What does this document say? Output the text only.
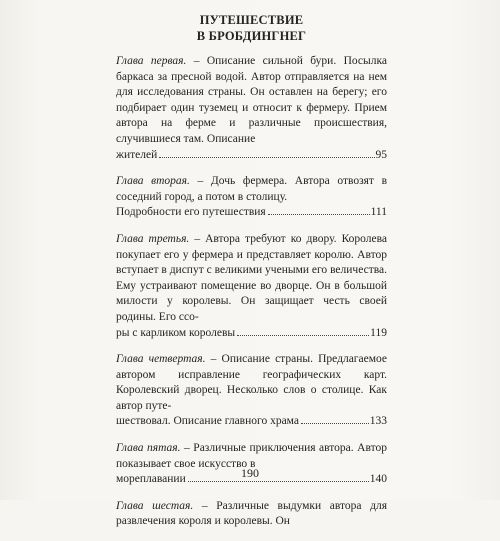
ПУТЕШЕСТВИЕ
В БРОБДИНГНЕГ
Глава первая. – Описание сильной бури. Посылка баркаса за пресной водой. Автор отправляется на нем для исследования страны. Он оставлен на берегу; его подбирает один туземец и относит к фермеру. Прием автора на ферме и различные происшествия, случившиеся там. Описание
жителей	95
Глава вторая. – Дочь фермера. Автора отвозят в соседний город, а потом в столицу.
Подробности его путешествия	111
Глава третья. – Автора требуют ко двору. Королева покупает его у фермера и представляет королю. Автор вступает в диспут с великими учеными его величества. Ему устраивают помещение во дворце. Он в большой милости у королевы. Он защищает честь своей родины. Его ссо-
ры с карликом королевы	119
Глава четвертая. – Описание страны. Предлагаемое автором исправление географических карт. Королевский дворец. Несколько слов о столице. Как автор путе-
шествовал. Описание главного храма	133
Глава пятая. – Различные приключения автора. Автор показывает свое искусство в
мореплавании	140
Глава шестая. – Различные выдумки автора для развлечения короля и королевы. Он
190
